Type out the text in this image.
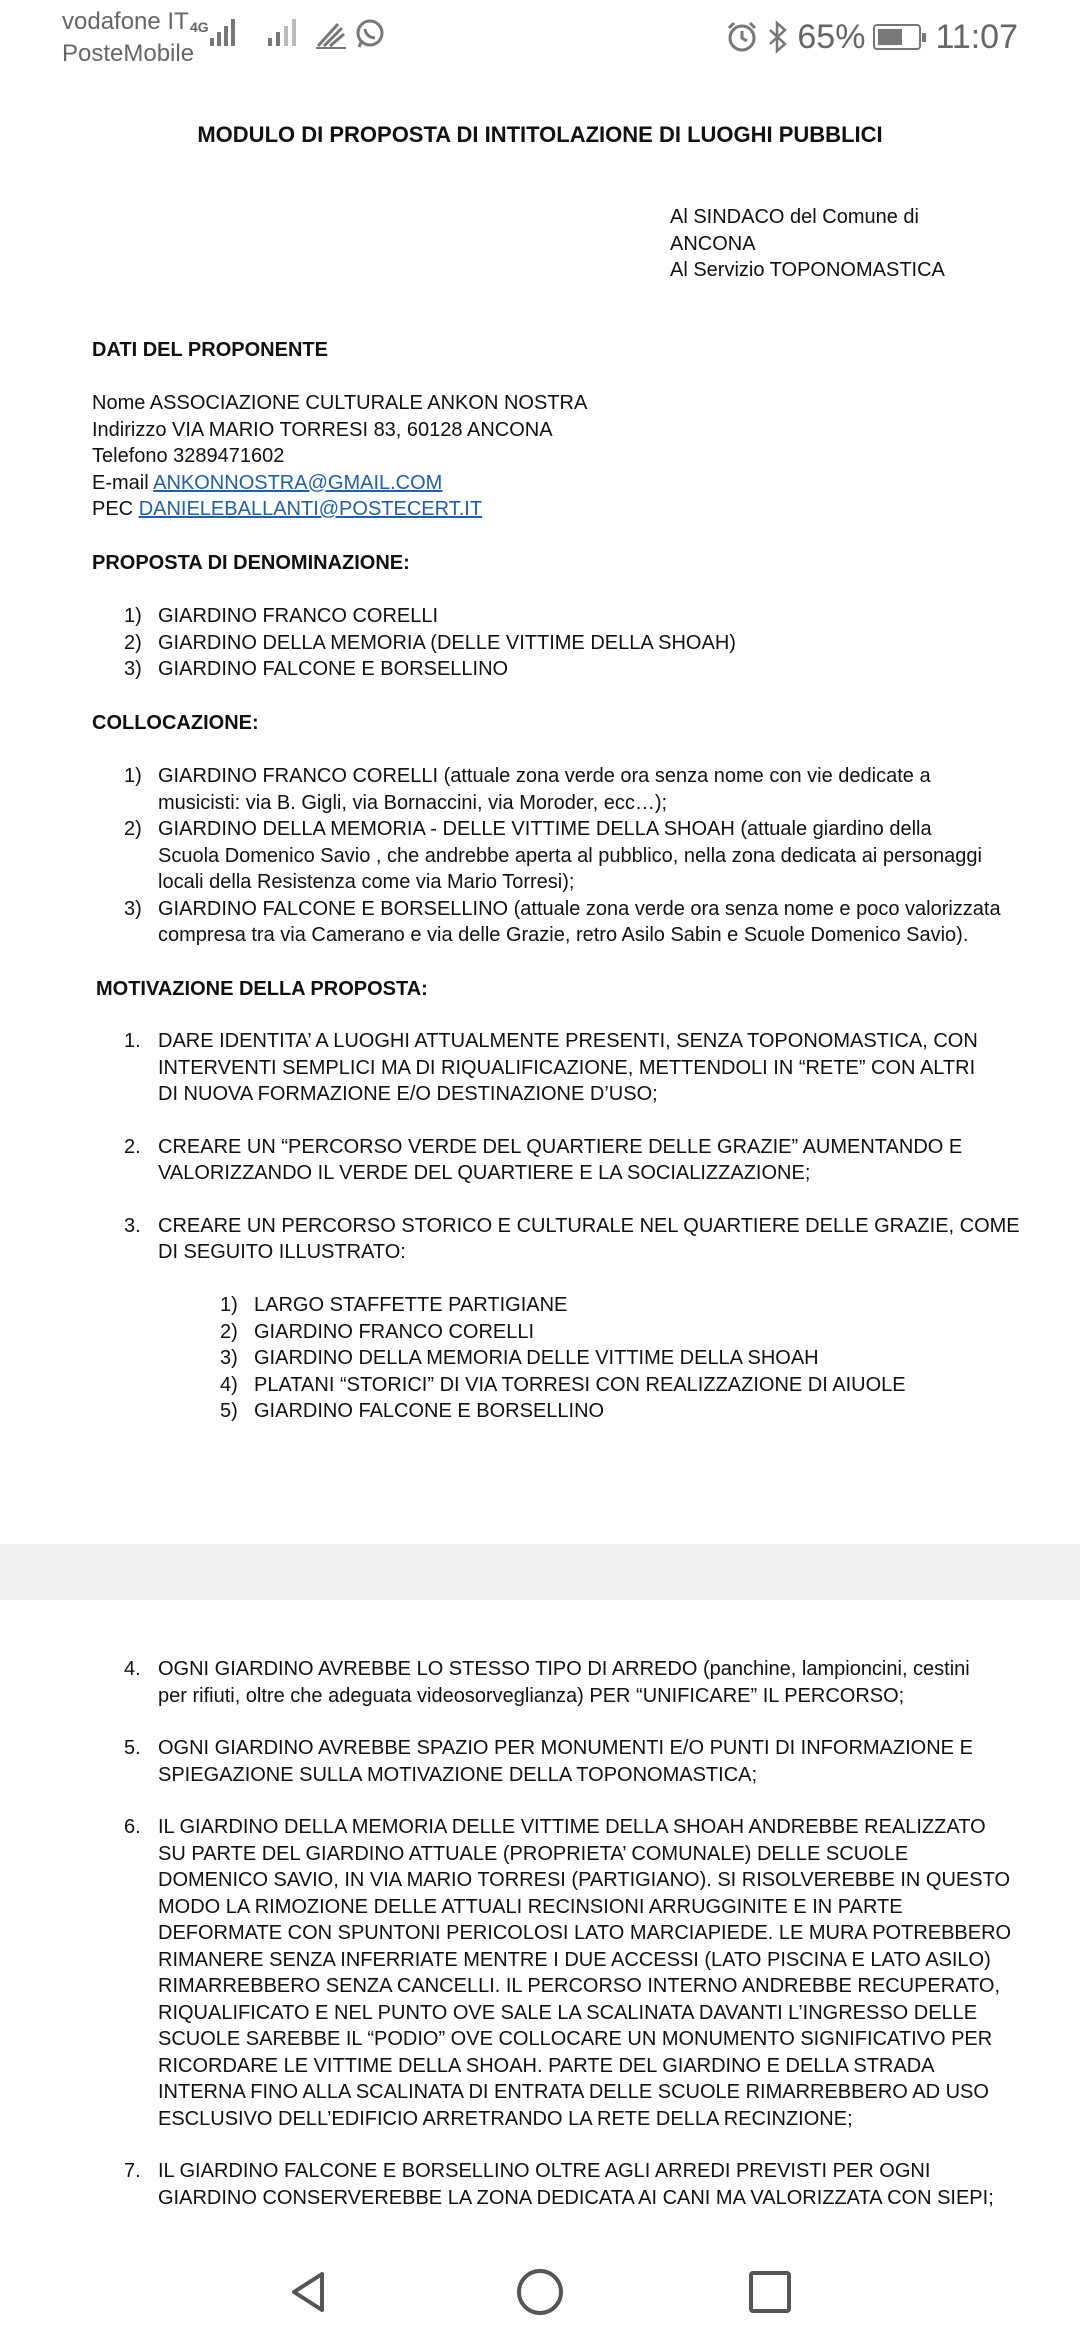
vodafone IT
PosteMobile
4G	65% 11:07
MODULO DI PROPOSTA DI INTITOLAZIONE DI LUOGHI PUBBLICI
Al SINDACO del Comune di
ANCONA
Al Servizio TOPONOMASTICA
DATI DEL PROPONENTE
Nome ASSOCIAZIONE CULTURALE ANKON NOSTRA
Indirizzo VIA MARIO TORRESI 83, 60128 ANCONA
Telefono 3289471602
E-mail ANKONNOSTRA@GMAIL.COM
PEC DANIELEBALLANTI@POSTECERT.IT
PROPOSTA DI DENOMINAZIONE:
1) GIARDINO FRANCO CORELLI
2) GIARDINO DELLA MEMORIA (DELLE VITTIME DELLA SHOAH)
3) GIARDINO FALCONE E BORSELLINO
COLLOCAZIONE:
1) GIARDINO FRANCO CORELLI (attuale zona verde ora senza nome con vie dedicate a
musicisti: via B. Gigli, via Bornaccini, via Moroder, ecc…);
2) GIARDINO DELLA MEMORIA - DELLE VITTIME DELLA SHOAH (attuale giardino della
Scuola Domenico Savio , che andrebbe aperta al pubblico, nella zona dedicata ai personaggi
locali della Resistenza come via Mario Torresi);
3) GIARDINO FALCONE E BORSELLINO (attuale zona verde ora senza nome e poco valorizzata
compresa tra via Camerano e via delle Grazie, retro Asilo Sabin e Scuole Domenico Savio).
MOTIVAZIONE DELLA PROPOSTA:
1. DARE IDENTITA’ A LUOGHI ATTUALMENTE PRESENTI, SENZA TOPONOMASTICA, CON
INTERVENTI SEMPLICI MA DI RIQUALIFICAZIONE, METTENDOLI IN “RETE” CON ALTRI
DI NUOVA FORMAZIONE E/O DESTINAZIONE D’USO;
2. CREARE UN “PERCORSO VERDE DEL QUARTIERE DELLE GRAZIE” AUMENTANDO E
VALORIZZANDO IL VERDE DEL QUARTIERE E LA SOCIALIZZAZIONE;
3. CREARE UN PERCORSO STORICO E CULTURALE NEL QUARTIERE DELLE GRAZIE, COME
DI SEGUITO ILLUSTRATO:
1) LARGO STAFFETTE PARTIGIANE
2) GIARDINO FRANCO CORELLI
3) GIARDINO DELLA MEMORIA DELLE VITTIME DELLA SHOAH
4) PLATANI “STORICI” DI VIA TORRESI CON REALIZZAZIONE DI AIUOLE
5) GIARDINO FALCONE E BORSELLINO
4. OGNI GIARDINO AVREBBE LO STESSO TIPO DI ARREDO (panchine, lampioncini, cestini
per rifiuti, oltre che adeguata videosorveglianza) PER “UNIFICARE” IL PERCORSO;
5. OGNI GIARDINO AVREBBE SPAZIO PER MONUMENTI E/O PUNTI DI INFORMAZIONE E
SPIEGAZIONE SULLA MOTIVAZIONE DELLA TOPONOMASTICA;
6. IL GIARDINO DELLA MEMORIA DELLE VITTIME DELLA SHOAH ANDREBBE REALIZZATO
SU PARTE DEL GIARDINO ATTUALE (PROPRIETA’ COMUNALE) DELLE SCUOLE
DOMENICO SAVIO, IN VIA MARIO TORRESI (PARTIGIANO). SI RISOLVEREBBE IN QUESTO
MODO LA RIMOZIONE DELLE ATTUALI RECINSIONI ARRUGGINITE E IN PARTE
DEFORMATE CON SPUNTONI PERICOLOSI LATO MARCIAPIEDE. LE MURA POTREBBERO
RIMANERE SENZA INFERRIATE MENTRE I DUE ACCESSI (LATO PISCINA E LATO ASILO)
RIMARREBBERO SENZA CANCELLI. IL PERCORSO INTERNO ANDREBBE RECUPERATO,
RIQUALIFICATO E NEL PUNTO OVE SALE LA SCALINATA DAVANTI L’INGRESSO DELLE
SCUOLE SAREBBE IL “PODIO” OVE COLLOCARE UN MONUMENTO SIGNIFICATIVO PER
RICORDARE LE VITTIME DELLA SHOAH. PARTE DEL GIARDINO E DELLA STRADA
INTERNA FINO ALLA SCALINATA DI ENTRATA DELLE SCUOLE RIMARREBBERO AD USO
ESCLUSIVO DELL’EDIFICIO ARRETRANDO LA RETE DELLA RECINZIONE;
7. IL GIARDINO FALCONE E BORSELLINO OLTRE AGLI ARREDI PREVISTI PER OGNI
GIARDINO CONSERVEREBBE LA ZONA DEDICATA AI CANI MA VALORIZZATA CON SIEPI;
